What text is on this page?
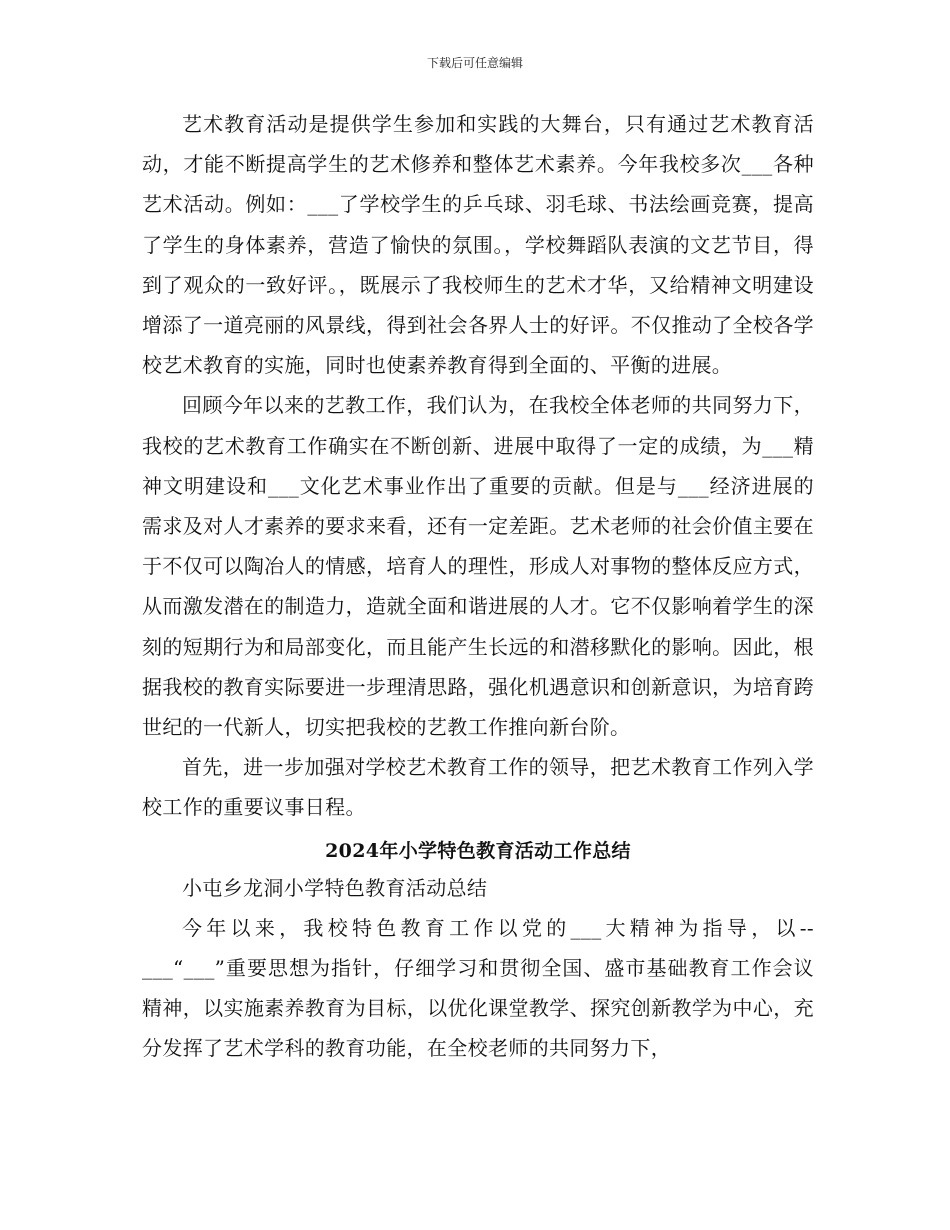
下载后可任意编辑

艺术教育活动是提供学生参加和实践的大舞台，只有通过艺术教育活动，才能不断提高学生的艺术修养和整体艺术素养。今年我校多次___各种艺术活动。例如：___了学校学生的乒乓球、羽毛球、书法绘画竞赛，提高了学生的身体素养，营造了愉快的氛围。，学校舞蹈队表演的文艺节目，得到了观众的一致好评。，既展示了我校师生的艺术才华，又给精神文明建设增添了一道亮丽的风景线，得到社会各界人士的好评。不仅推动了全校各学校艺术教育的实施，同时也使素养教育得到全面的、平衡的进展。

回顾今年以来的艺教工作，我们认为，在我校全体老师的共同努力下，我校的艺术教育工作确实在不断创新、进展中取得了一定的成绩，为___精神文明建设和___文化艺术事业作出了重要的贡献。但是与___经济进展的需求及对人才素养的要求来看，还有一定差距。艺术老师的社会价值主要在于不仅可以陶冶人的情感，培育人的理性，形成人对事物的整体反应方式，从而激发潜在的制造力，造就全面和谐进展的人才。它不仅影响着学生的深刻的短期行为和局部变化，而且能产生长远的和潜移默化的影响。因此，根据我校的教育实际要进一步理清思路，强化机遇意识和创新意识，为培育跨世纪的一代新人，切实把我校的艺教工作推向新台阶。

首先，进一步加强对学校艺术教育工作的领导，把艺术教育工作列入学校工作的重要议事日程。

2024年小学特色教育活动工作总结

小屯乡龙洞小学特色教育活动总结

今年以来，我校特色教育工作以党的___大精神为指导，以--___“___”重要思想为指针，仔细学习和贯彻全国、盛市基础教育工作会议精神，以实施素养教育为目标，以优化课堂教学、探究创新教学为中心，充分发挥了艺术学科的教育功能，在全校老师的共同努力下，
